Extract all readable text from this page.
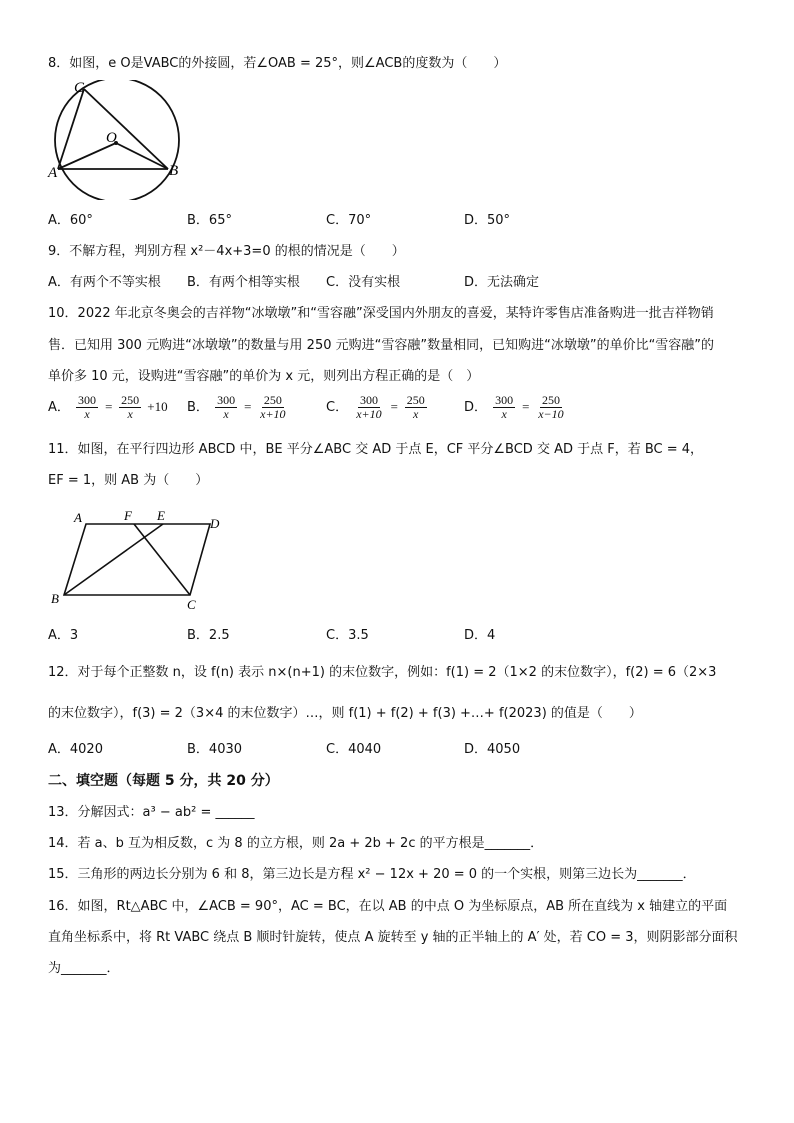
8．如图，e O是VABC的外接圆，若∠OAB = 25°，则∠ACB的度数为（　　）
C
O
A	B
A．60°	B．65°	C．70°	D．50°
9．不解方程，判别方程 x²－4x+3=0 的根的情况是（　　）
A．有两个不等实根 B．有两个相等实根 C．没有实根	D．无法确定
10．2022 年北京冬奥会的吉祥物“冰墩墩”和“雪容融”深受国内外朋友的喜爱，某特许零售店准备购进一批吉祥物销
售．已知用 300 元购进“冰墩墩”的数量与用 250 元购进“雪容融”数量相同，已知购进“冰墩墩”的单价比“雪容融”的
单价多 10 元，设购进“雪容融”的单价为 x 元，则列出方程正确的是（　）
A． $\frac{300}{x} = \frac{250}{x} +10$ B． $\frac{300}{x} = \frac{250}{x+10}$	C． $\frac{300}{x+10} = \frac{250}{x}$	D． $\frac{300}{x} = \frac{250}{x-10}$
11．如图，在平行四边形 ABCD 中，BE 平分∠ABC 交 AD 于点 E，CF 平分∠BCD 交 AD 于点 F，若 BC = 4，
EF = 1，则 AB 为（　　）
A	F E
D
B	C
A．3	B．2.5	C．3.5	D．4
12．对于每个正整数 n，设 f(n) 表示 n×(n+1) 的末位数字，例如：f(1) = 2（1×2 的末位数字），f(2) = 6（2×3
的末位数字），f(3) = 2（3×4 的末位数字）…，则 f(1) + f(2) + f(3) +…+ f(2023) 的值是（　　）
A．4020	B．4030	C．4040	D．4050
二、填空题（每题 5 分，共 20 分）
13．分解因式：a³ − ab² = ______
14．若 a、b 互为相反数，c 为 8 的立方根，则 2a + 2b + 2c 的平方根是_______．
15．三角形的两边长分别为 6 和 8，第三边长是方程 x² − 12x + 20 = 0 的一个实根，则第三边长为_______．
16．如图，Rt△ABC 中，∠ACB = 90°，AC = BC，在以 AB 的中点 O 为坐标原点，AB 所在直线为 x 轴建立的平面
直角坐标系中，将 Rt VABC 绕点 B 顺时针旋转，使点 A 旋转至 y 轴的正半轴上的 A′ 处，若 CO = 3，则阴影部分面积
为_______．
